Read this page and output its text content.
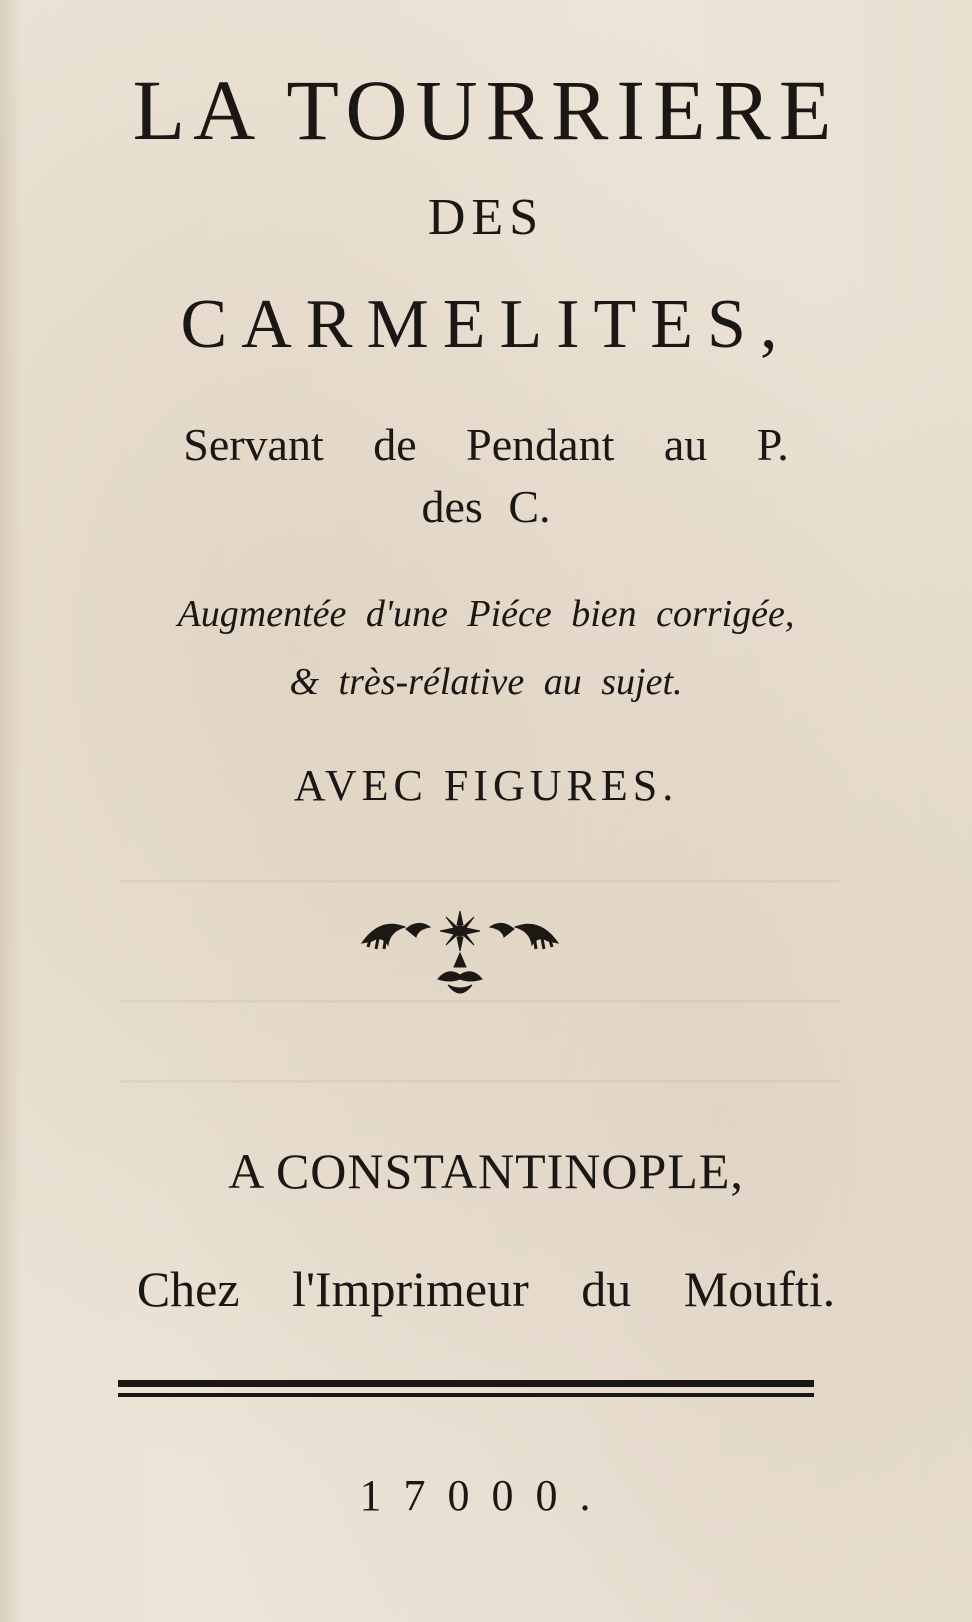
LA TOURRIERE
DES
CARMELITES,
Servant de Pendant au P.
des C.
Augmentée d'une Piéce bien corrigée,
& très-rélative au sujet.
AVEC FIGURES.
A CONSTANTINOPLE,
Chez l'Imprimeur du Moufti.
17000.
